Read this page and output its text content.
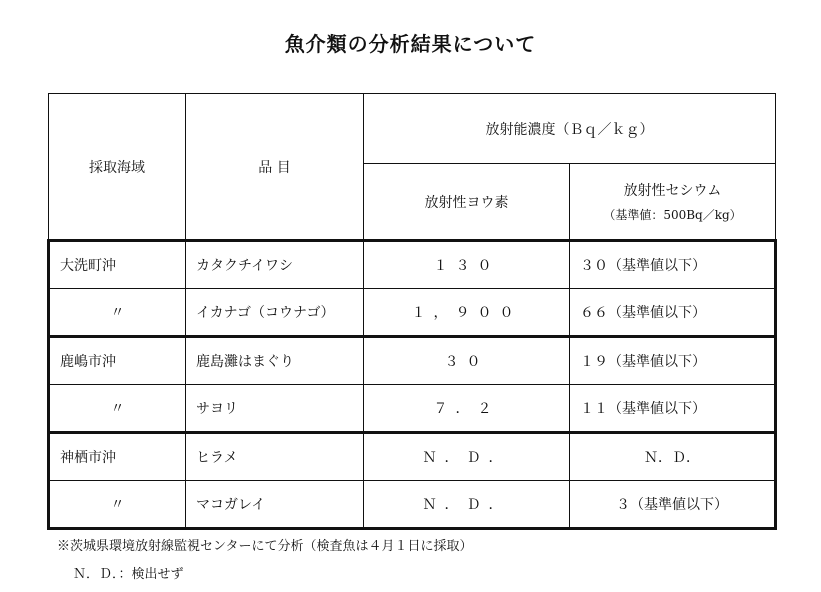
魚介類の分析結果について
採取海域	品 目	放射能濃度（Ｂｑ／ｋｇ）	
		放射性ヨウ素	放射性セシウム
（基準値：500Bq／kg）

大洗町沖	カタクチイワシ	１３０	３０（基準値以下）
〃	イカナゴ（コウナゴ）	１，９００	６６（基準値以下）
鹿嶋市沖	鹿島灘はまぐり	３０	１９（基準値以下）
〃	サヨリ	７．２	１１（基準値以下）
神栖市沖	ヒラメ	Ｎ．Ｄ．	Ｎ．Ｄ．
〃	マコガレイ	Ｎ．Ｄ．	３（基準値以下）
※茨城県環境放射線監視センターにて分析（検査魚は４月１日に採取）
Ｎ．Ｄ．：検出せず
